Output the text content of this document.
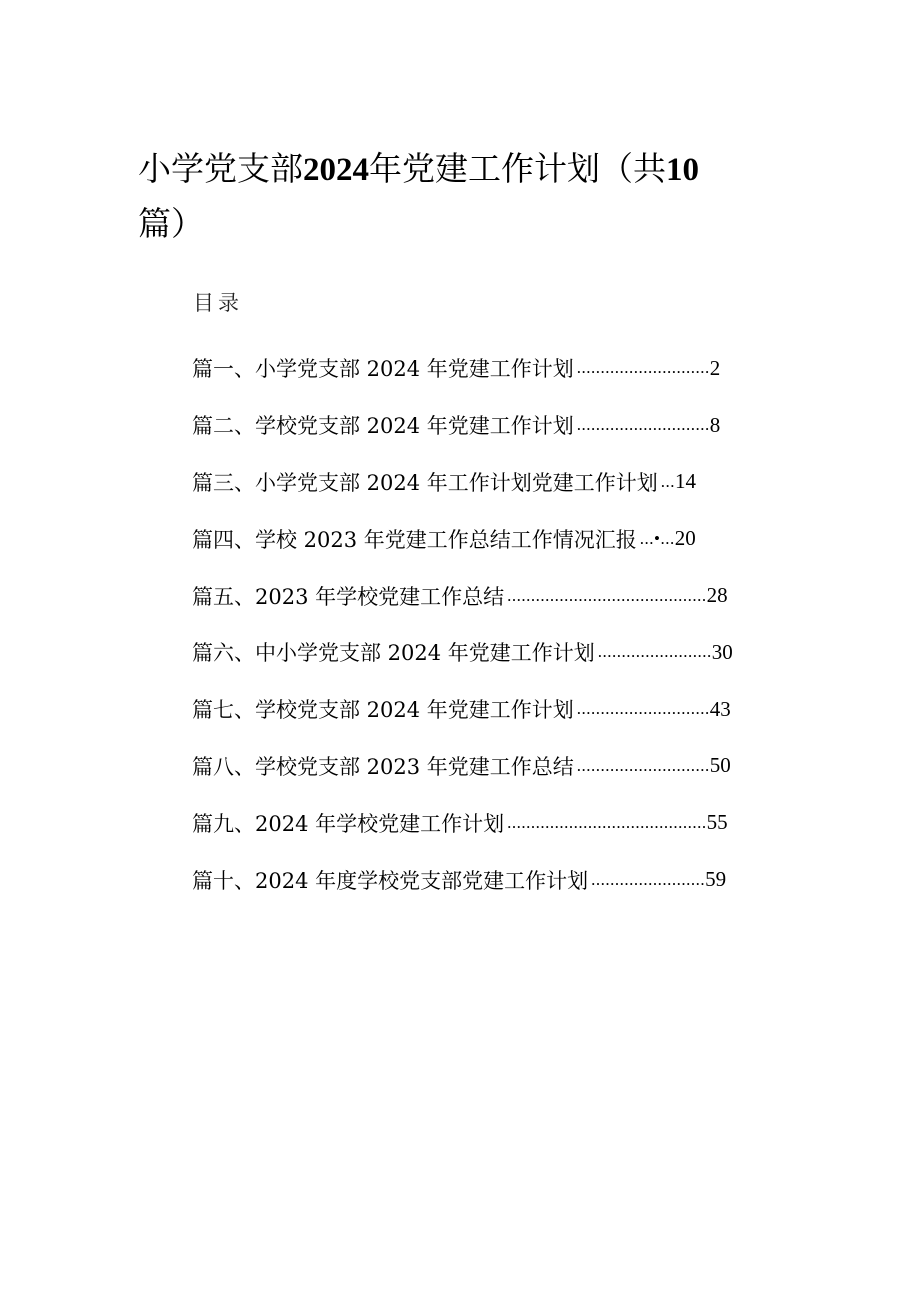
小学党支部2024年党建工作计划（共10
篇）
目录
篇一、小学党支部 2024 年党建工作计划 ............................ 2
篇二、学校党支部 2024 年党建工作计划 ............................ 8
篇三、小学党支部 2024 年工作计划党建工作计划 ... 14
篇四、学校 2023 年党建工作总结工作情况汇报 ...•... 20
篇五、2023 年学校党建工作总结 .......................................... 28
篇六、中小学党支部 2024 年党建工作计划 ........................ 30
篇七、学校党支部 2024 年党建工作计划 ............................ 43
篇八、学校党支部 2023 年党建工作总结 ............................ 50
篇九、2024 年学校党建工作计划 .......................................... 55
篇十、2024 年度学校党支部党建工作计划 ........................ 59
